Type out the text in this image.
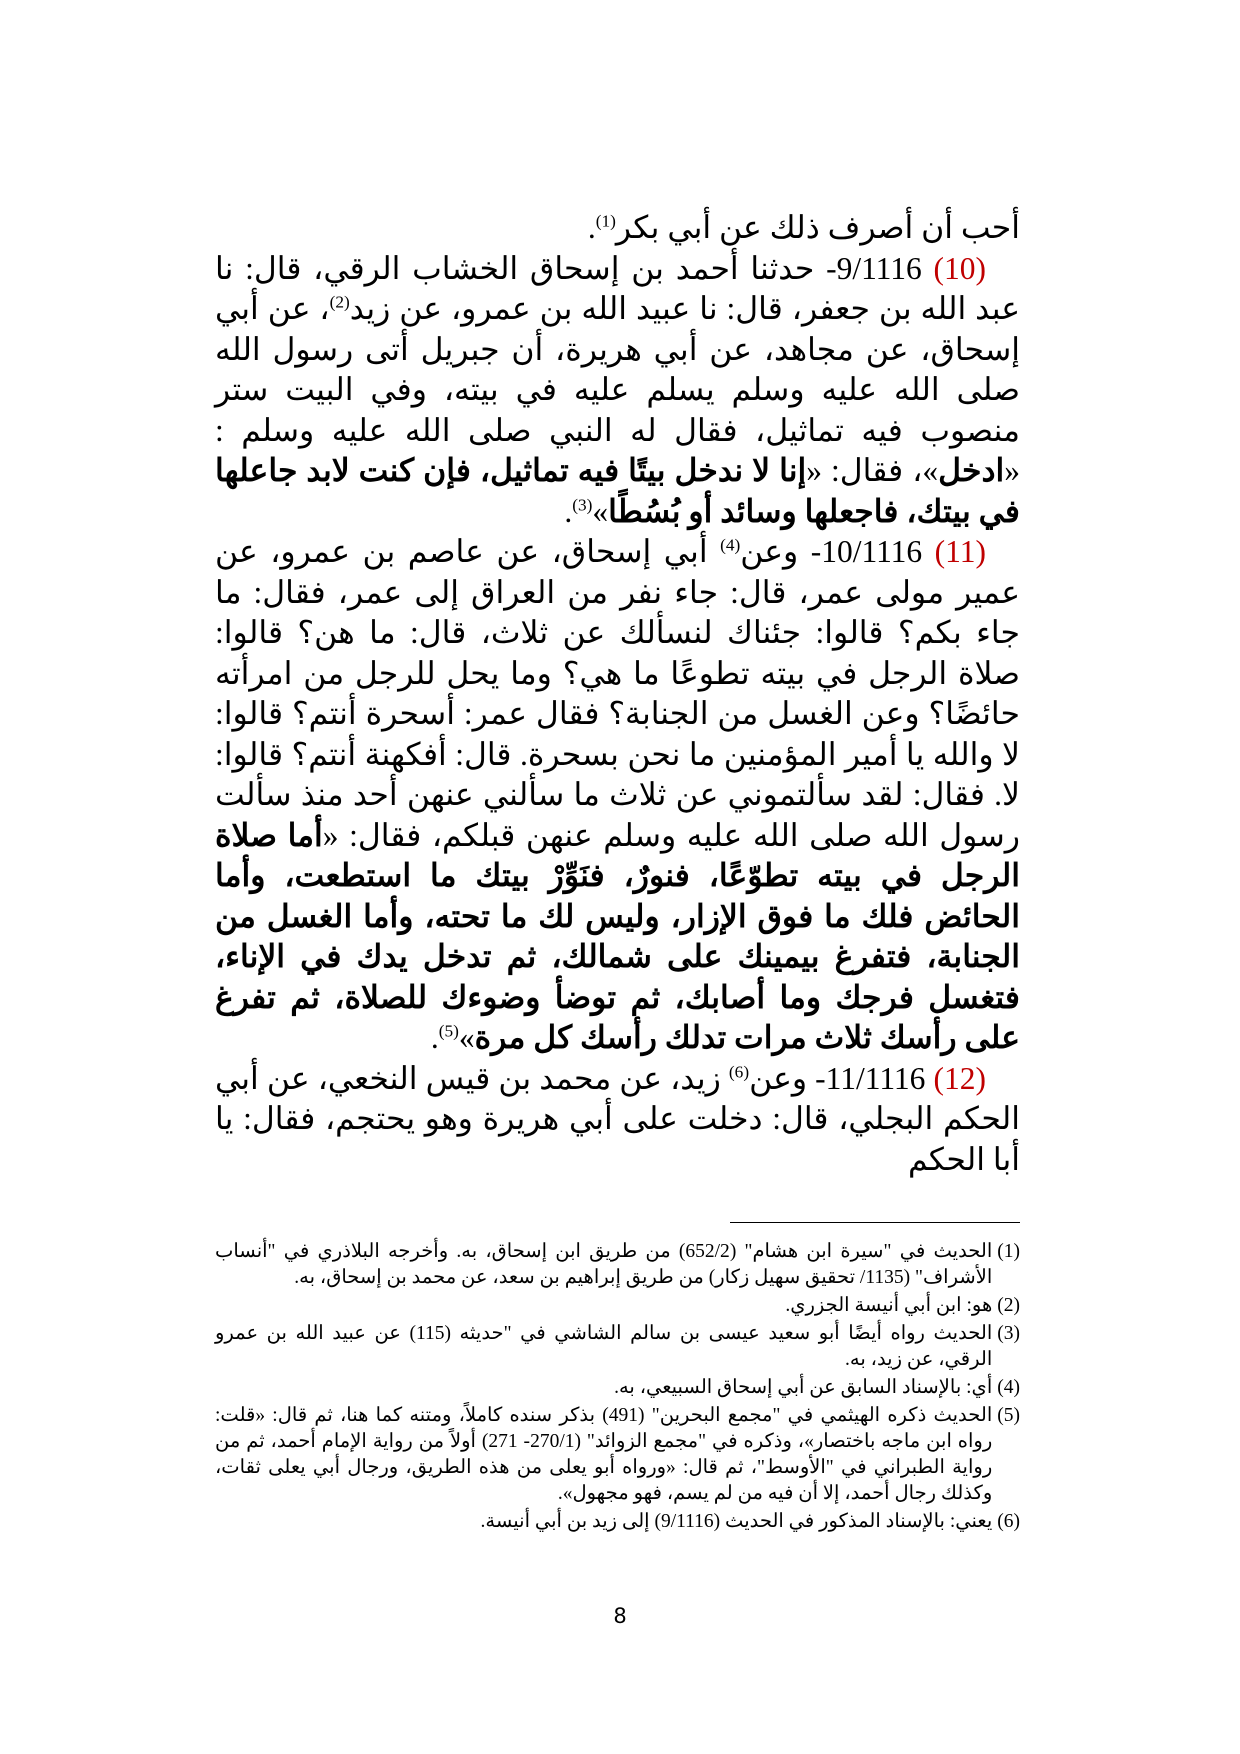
أحب أن أصرف ذلك عن أبي بكر$^{(1)}$.

(10) 9/1116- حدثنا أحمد بن إسحاق الخشاب الرقي، قال: نا عبد الله بن جعفر، قال: نا عبيد الله بن عمرو، عن زيد$^{(2)}$، عن أبي إسحاق، عن مجاهد، عن أبي هريرة، أن جبريل أتى رسول الله صلى الله عليه وسلم يسلم عليه في بيته، وفي البيت ستر منصوب فيه تماثيل، فقال له النبي صلى الله عليه وسلم : «ادخل»، فقال: «إنا لا ندخل بيتًا فيه تماثيل، فإن كنت لابد جاعلها في بيتك، فاجعلها وسائد أو بُسُطًا»$^{(3)}$.

(11) 10/1116- وعن$^{(4)}$ أبي إسحاق، عن عاصم بن عمرو، عن عمير مولى عمر، قال: جاء نفر من العراق إلى عمر، فقال: ما جاء بكم؟ قالوا: جئناك لنسألك عن ثلاث، قال: ما هن؟ قالوا: صلاة الرجل في بيته تطوعًا ما هي؟ وما يحل للرجل من امرأته حائضًا؟ وعن الغسل من الجنابة؟ فقال عمر: أسحرة أنتم؟ قالوا: لا والله يا أمير المؤمنين ما نحن بسحرة. قال: أفكهنة أنتم؟ قالوا: لا. فقال: لقد سألتموني عن ثلاث ما سألني عنهن أحد منذ سألت رسول الله صلى الله عليه وسلم عنهن قبلكم، فقال: «أما صلاة الرجل في بيته تطوّعًا، فنورٌ، فنَوِّرْ بيتك ما استطعت، وأما الحائض فلك ما فوق الإزار، وليس لك ما تحته، وأما الغسل من الجنابة، فتفرغ بيمينك على شمالك، ثم تدخل يدك في الإناء، فتغسل فرجك وما أصابك، ثم توضأ وضوءك للصلاة، ثم تفرغ على رأسك ثلاث مرات تدلك رأسك كل مرة»$^{(5)}$.

(12) 11/1116- وعن$^{(6)}$ زيد، عن محمد بن قيس النخعي، عن أبي الحكم البجلي، قال: دخلت على أبي هريرة وهو يحتجم، فقال: يا أبا الحكم

(1)
الحديث في "سيرة ابن هشام" (652/2) من طريق ابن إسحاق، به. وأخرجه البلاذري في "أنساب الأشراف" (1135/ تحقيق سهيل زكار) من طريق إبراهيم بن سعد، عن محمد بن إسحاق، به.
(2)
هو: ابن أبي أنيسة الجزري.
(3)
الحديث رواه أيضًا أبو سعيد عيسى بن سالم الشاشي في "حديثه (115) عن عبيد الله بن عمرو الرقي، عن زيد، به.
(4)
أي: بالإسناد السابق عن أبي إسحاق السبيعي، به.
(5)
الحديث ذكره الهيثمي في "مجمع البحرين" (491) بذكر سنده كاملاً، ومتنه كما هنا، ثم قال: «قلت: رواه ابن ماجه باختصار»، وذكره في "مجمع الزوائد" (270/1- 271) أولاً من رواية الإمام أحمد، ثم من رواية الطبراني في "الأوسط"، ثم قال: «ورواه أبو يعلى من هذه الطريق، ورجال أبي يعلى ثقات، وكذلك رجال أحمد، إلا أن فيه من لم يسم، فهو مجهول».
(6)
يعني: بالإسناد المذكور في الحديث (9/1116) إلى زيد بن أبي أنيسة.
8
